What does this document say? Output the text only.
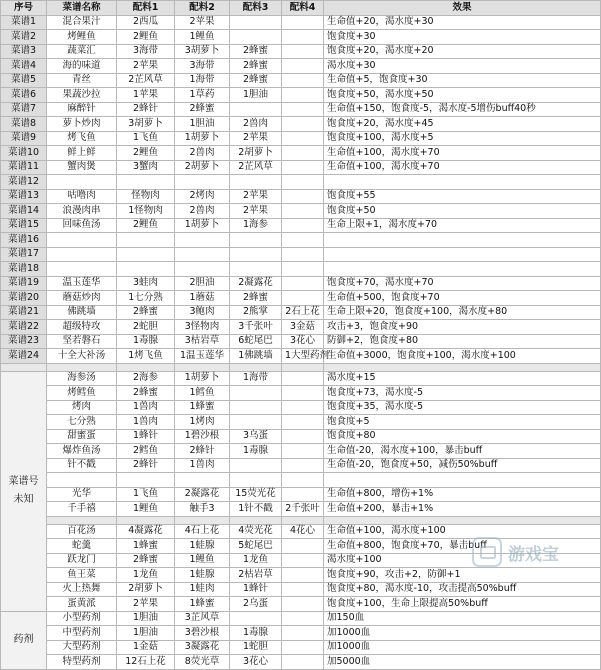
序号	菜谱名称	配料1	配料2	配料3	配料4	效果	
菜谱1	混合果汁	2西瓜	2苹果			生命值+20，渴水度+30	
菜谱2	烤鲤鱼	2鲤鱼	1鲤鱼			饱食度+30	
菜谱3	蔬菜汇	3海带	3胡萝卜	2蜂蜜		饱食度+20，渴水度+20	
菜谱4	海的味道	2苹果	3海带	2蜂蜜		渴水度+30	
菜谱5	青丝	2芷风草	1海带	2蜂蜜		生命值+5，饱食度+30	
菜谱6	果蔬沙拉	1苹果	1草药	1胆油		饱食度+50，渴水度+50	
菜谱7	麻醉针	2蜂针	2蜂蜜			生命值+150，饱食度-5，渴水度-5增伤buff40秒	
菜谱8	萝卜炒肉	3胡萝卜	1胆油	2兽肉		饱食度+20，渴水度+45	
菜谱9	烤飞鱼	1飞鱼	1胡萝卜	2苹果		饱食度+100，渴水度+5	
菜谱10	鲜上鲜	2鲤鱼	2兽肉	2胡萝卜		生命值+100，渴水度+70	
菜谱11	蟹肉煲	3蟹肉	2胡萝卜	2芷风草		生命值+100，渴水度+70	
菜谱12							
菜谱13	咕噜肉	怪物肉	2烤肉	2苹果		饱食度+55	
菜谱14	浪漫肉串	1怪物肉	2兽肉	2苹果		饱食度+50	
菜谱15	回味鱼汤	2鲤鱼	1胡萝卜	1海参		生命上限+1，渴水度+70	
菜谱16							
菜谱17							
菜谱18							
菜谱19	温玉莲华	3蛙肉	2胆油	2凝露花		饱食度+70，渴水度+70	
菜谱20	蘑菇炒肉	1七分熟	1蘑菇	2蜂蜜		生命值+500，饱食度+70	
菜谱21	佛跳墙	2蜂蜜	3鲍肉	2熊掌	2石上花	生命上限+20，饱食度+100，渴水度+80	
菜谱22	超级特攻	2蛇胆	3怪物肉	3千张叶	3金菇	攻击+3，饱食度+90	
菜谱23	坚若磐石	1毒腺	3枯岩草	6蛇尾巴	3花心	防御+2，饱食度+80	
菜谱24	十全大补汤	1烤飞鱼	1温玉莲华	1佛跳墙	1大型药剂	生命值+3000，饱食度+100，渴水度+100	

菜谱号未知	海参汤	2海参	1胡萝卜	1海带		渴水度+15	
	烤鳕鱼	2蜂蜜	1鳕鱼			饱食度+73，渴水度-5	
	烤肉	1兽肉	1蜂蜜			饱食度+35，渴水度-5	
	七分熟	1兽肉	1烤肉			饱食度+5	
	甜蜜蛋	1蜂针	1碧沙根	3乌蛋		饱食度+80	
	爆炸鱼汤	2鳕鱼	2蜂针	1毒腺		生命值-20，渴水度+100，暴击buff	
	针不戳	2蜂针	1兽肉			生命值-20，饱食度+50，减伤50%buff	

	光华	1飞鱼	2凝露花	15荧光花		生命值+800，增伤+1%	
	千手禧	1鲤鱼	触手3	1针不戳	2千张叶	生命值+200，暴击+1%	

	百花汤	4凝露花	4石上花	4荧光花	4花心	生命值+100，渴水度+100	
	蛇羹	1蜂蜜	1蛙腺	5蛇尾巴		生命值+800，饱食度+70，暴击buff	
	跃龙门	2蜂蜜	1鲤鱼	1龙鱼		渴水度+100	
	鱼王菜	1龙鱼	1蛙腺	2枯岩草		饱食度+90，攻击+2，防御+1	
	火上热舞	2胡萝卜	1蛙肉	1蜂针		饱食度+80，渴水度-10，攻击提高50%buff	
	蛋黄派	2苹果	1蜂蜜	2乌蛋		饱食度+100，生命上限提高50%buff	
药剂	小型药剂	1胆油	3芷风草			加150血	
	中型药剂	1胆油	3碧沙根	1毒腺		加1000血	
	大型药剂	1金菇	3凝露花	1蛇胆		加1000血	
	特型药剂	12石上花	8荧光草	3花心		加5000血	
游戏宝
